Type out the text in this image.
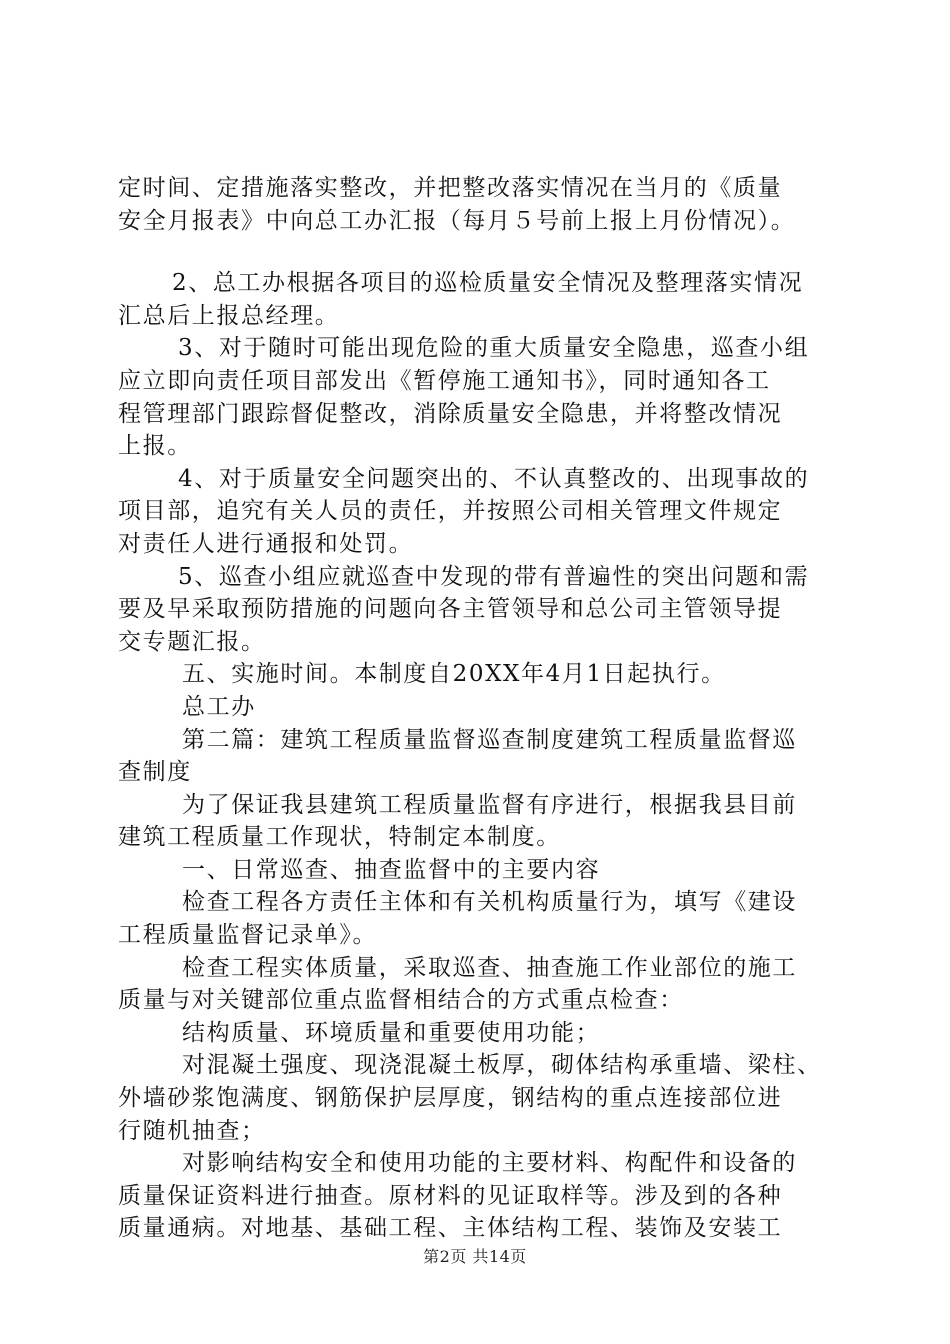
定时间、定措施落实整改，并把整改落实情况在当月的《质量
安全月报表》中向总工办汇报（每月５号前上报上月份情况）。
2、总工办根据各项目的巡检质量安全情况及整理落实情况
汇总后上报总经理。
3、对于随时可能出现危险的重大质量安全隐患，巡查小组
应立即向责任项目部发出《暂停施工通知书》，同时通知各工
程管理部门跟踪督促整改，消除质量安全隐患，并将整改情况
上报。
4、对于质量安全问题突出的、不认真整改的、出现事故的
项目部，追究有关人员的责任，并按照公司相关管理文件规定
对责任人进行通报和处罚。
5、巡查小组应就巡查中发现的带有普遍性的突出问题和需
要及早采取预防措施的问题向各主管领导和总公司主管领导提
交专题汇报。
五、实施时间。本制度自20XX年4月1日起执行。
总工办
第二篇：建筑工程质量监督巡查制度建筑工程质量监督巡
查制度
为了保证我县建筑工程质量监督有序进行，根据我县目前
建筑工程质量工作现状，特制定本制度。
一、日常巡查、抽查监督中的主要内容
检查工程各方责任主体和有关机构质量行为，填写《建设
工程质量监督记录单》。
检查工程实体质量，采取巡查、抽查施工作业部位的施工
质量与对关键部位重点监督相结合的方式重点检查：
结构质量、环境质量和重要使用功能；
对混凝土强度、现浇混凝土板厚，砌体结构承重墙、梁柱、
外墙砂浆饱满度、钢筋保护层厚度，钢结构的重点连接部位进
行随机抽查；
对影响结构安全和使用功能的主要材料、构配件和设备的
质量保证资料进行抽查。原材料的见证取样等。涉及到的各种
质量通病。对地基、基础工程、主体结构工程、装饰及安装工
第2页 共14页
